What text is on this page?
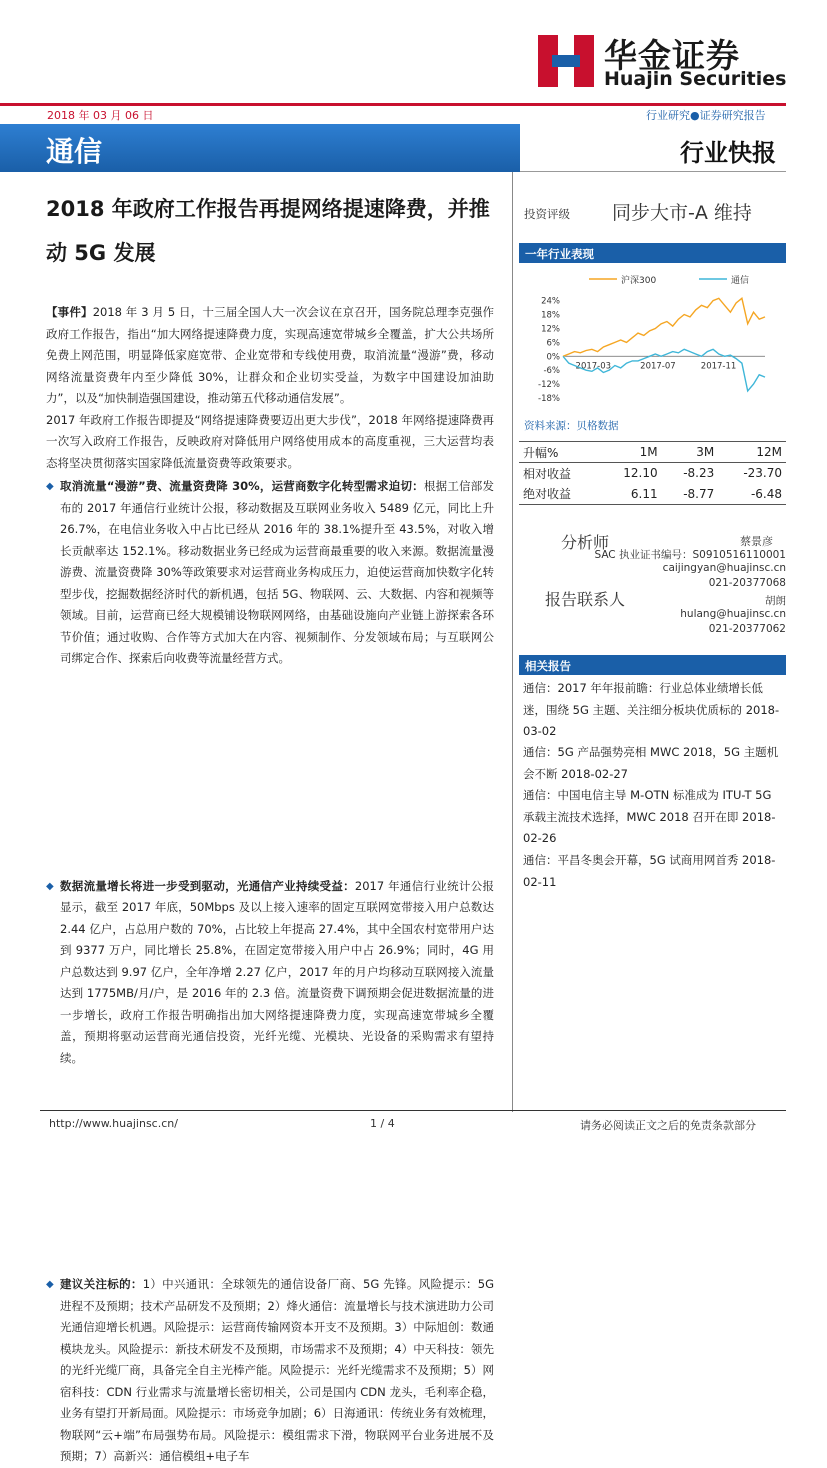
华金证券
Huajin Securities
2018 年 03 月 06 日	行业研究●证券研究报告
通信	行业快报
2018 年政府工作报告再提网络提速降费，并推动 5G 发展
【事件】2018 年 3 月 5 日，十三届全国人大一次会议在京召开，国务院总理李克强作政府工作报告，指出“加大网络提速降费力度，实现高速宽带城乡全覆盖，扩大公共场所免费上网范围，明显降低家庭宽带、企业宽带和专线使用费，取消流量“漫游”费，移动网络流量资费年内至少降低 30%，让群众和企业切实受益，为数字中国建设加油助力”，以及“加快制造强国建设，推动第五代移动通信发展”。
2017 年政府工作报告即提及“网络提速降费要迈出更大步伐”，2018 年网络提速降费再一次写入政府工作报告，反映政府对降低用户网络使用成本的高度重视，三大运营均表态将坚决贯彻落实国家降低流量资费等政策要求。
◆ 取消流量“漫游”费、流量资费降 30%，运营商数字化转型需求迫切：根据工信部发布的 2017 年通信行业统计公报，移动数据及互联网业务收入 5489 亿元，同比上升 26.7%，在电信业务收入中占比已经从 2016 年的 38.1%提升至 43.5%，对收入增长贡献率达 152.1%。移动数据业务已经成为运营商最重要的收入来源。数据流量漫游费、流量资费降 30%等政策要求对运营商业务构成压力，迫使运营商加快数字化转型步伐，挖掘数据经济时代的新机遇，包括 5G、物联网、云、大数据、内容和视频等领域。目前，运营商已经大规模铺设物联网网络，由基础设施向产业链上游探索各环节价值；通过收购、合作等方式加大在内容、视频制作、分发领域布局；与互联网公司绑定合作、探索后向收费等流量经营方式。
◆ 数据流量增长将进一步受到驱动，光通信产业持续受益：2017 年通信行业统计公报显示，截至 2017 年底，50Mbps 及以上接入速率的固定互联网宽带接入用户总数达 2.44 亿户，占总用户数的 70%，占比较上年提高 27.4%，其中全国农村宽带用户达到 9377 万户，同比增长 25.8%，在固定宽带接入用户中占 26.9%；同时，4G 用户总数达到 9.97 亿户，全年净增 2.27 亿户，2017 年的月户均移动互联网接入流量达到 1775MB/月/户，是 2016 年的 2.3 倍。流量资费下调预期会促进数据流量的进一步增长，政府工作报告明确指出加大网络提速降费力度，实现高速宽带城乡全覆盖，预期将驱动运营商光通信投资，光纤光缆、光模块、光设备的采购需求有望持续。
◆ 建议关注标的：1）中兴通讯：全球领先的通信设备厂商、5G 先锋。风险提示：5G 进程不及预期；技术产品研发不及预期；2）烽火通信：流量增长与技术演进助力公司光通信迎增长机遇。风险提示：运营商传输网资本开支不及预期。3）中际旭创：数通模块龙头。风险提示：新技术研发不及预期，市场需求不及预期；4）中天科技：领先的光纤光缆厂商，具备完全自主光棒产能。风险提示：光纤光缆需求不及预期；5）网宿科技：CDN 行业需求与流量增长密切相关，公司是国内 CDN 龙头，毛利率企稳，业务有望打开新局面。风险提示：市场竞争加剧；6）日海通讯：传统业务有效梳理，物联网“云+端”布局强势布局。风险提示：模组需求下滑，物联网平台业务进展不及预期；7）高新兴：通信模组+电子车
投资评级 同步大市-A 维持
一年行业表现
沪深300	通信
24%
18%
12%
6%
0%
-6%
-12%
-18%
2017-03	2017-07	2017-11
资料来源：贝格数据
升幅%	1M	3M	12M
相对收益	12.10	-8.23	-23.70
绝对收益	6.11	-8.77	-6.48
分析师	蔡景彦
SAC 执业证书编号：S0910516110001
caijingyan@huajinsc.cn
021-20377068
报告联系人	胡朗
hulang@huajinsc.cn
021-20377062
相关报告
通信：2017 年年报前瞻：行业总体业绩增长低迷，围绕 5G 主题、关注细分板块优质标的 2018-03-02
通信：5G 产品强势亮相 MWC 2018，5G 主题机会不断 2018-02-27
通信：中国电信主导 M-OTN 标准成为 ITU-T 5G 承载主流技术选择，MWC 2018 召开在即 2018-02-26
通信：平昌冬奥会开幕，5G 试商用网首秀 2018-02-11
http://www.huajinsc.cn/	1 / 4	请务必阅读正文之后的免责条款部分
